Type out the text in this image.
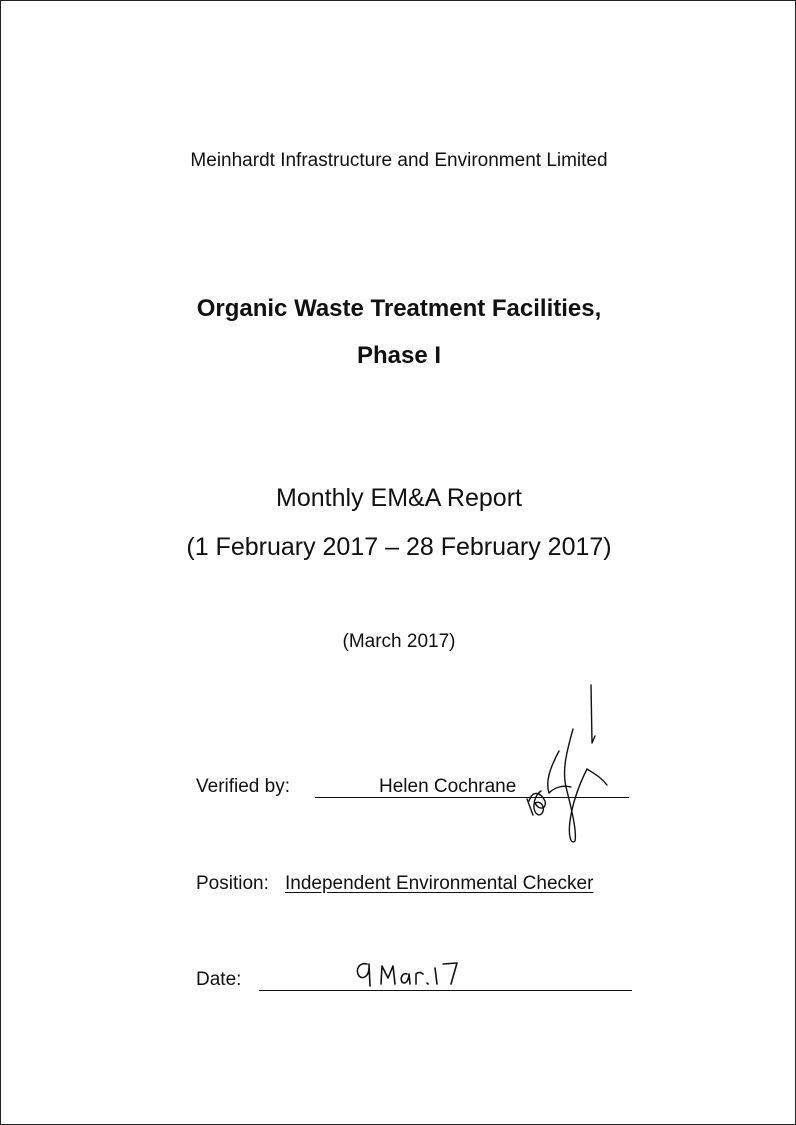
Meinhardt Infrastructure and Environment Limited
Organic Waste Treatment Facilities,
Phase I
Monthly EM&A Report
(1 February 2017 – 28 February 2017)
(March 2017)
Verified by:	Helen Cochrane
Position: Independent Environmental Checker
Date:
